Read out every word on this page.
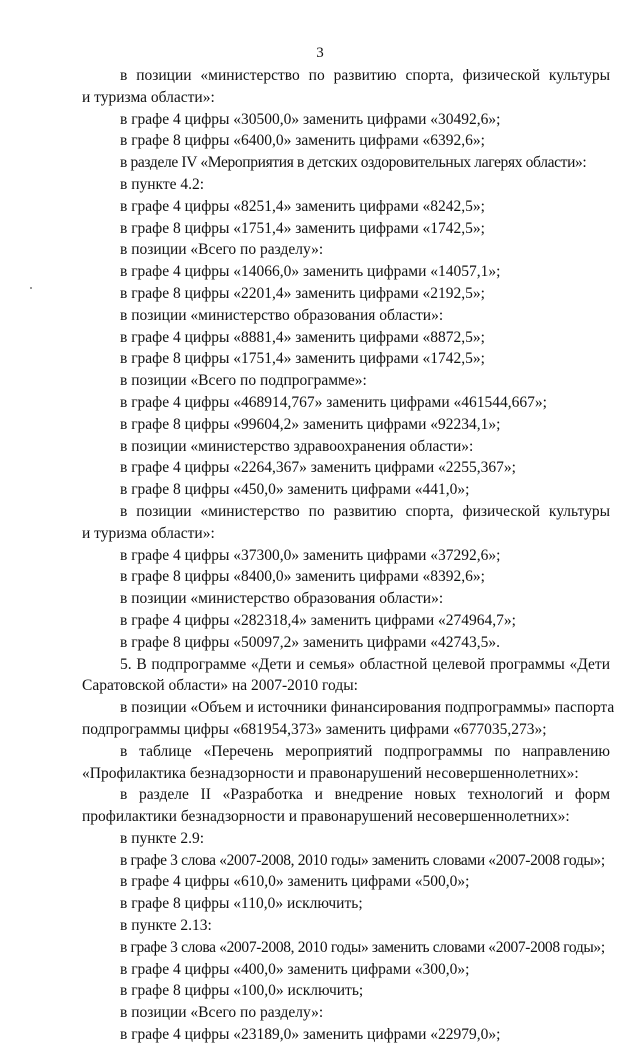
3
в позиции «министерство по развитию спорта, физической культуры
и туризма области»:
в графе 4 цифры «30500,0» заменить цифрами «30492,6»;
в графе 8 цифры «6400,0» заменить цифрами «6392,6»;
в разделе IV «Мероприятия в детских оздоровительных лагерях области»:
в пункте 4.2:
в графе 4 цифры «8251,4» заменить цифрами «8242,5»;
в графе 8 цифры «1751,4» заменить цифрами «1742,5»;
в позиции «Всего по разделу»:
в графе 4 цифры «14066,0» заменить цифрами «14057,1»;
в графе 8 цифры «2201,4» заменить цифрами «2192,5»;
в позиции «министерство образования области»:
в графе 4 цифры «8881,4» заменить цифрами «8872,5»;
в графе 8 цифры «1751,4» заменить цифрами «1742,5»;
в позиции «Всего по подпрограмме»:
в графе 4 цифры «468914,767» заменить цифрами «461544,667»;
в графе 8 цифры «99604,2» заменить цифрами «92234,1»;
в позиции «министерство здравоохранения области»:
в графе 4 цифры «2264,367» заменить цифрами «2255,367»;
в графе 8 цифры «450,0» заменить цифрами «441,0»;
в позиции «министерство по развитию спорта, физической культуры
и туризма области»:
в графе 4 цифры «37300,0» заменить цифрами «37292,6»;
в графе 8 цифры «8400,0» заменить цифрами «8392,6»;
в позиции «министерство образования области»:
в графе 4 цифры «282318,4» заменить цифрами «274964,7»;
в графе 8 цифры «50097,2» заменить цифрами «42743,5».
5. В подпрограмме «Дети и семья» областной целевой программы «Дети
Саратовской области» на 2007-2010 годы:
в позиции «Объем и источники финансирования подпрограммы» паспорта
подпрограммы цифры «681954,373» заменить цифрами «677035,273»;
в таблице «Перечень мероприятий подпрограммы по направлению
«Профилактика безнадзорности и правонарушений несовершеннолетних»:
в разделе II «Разработка и внедрение новых технологий и форм
профилактики безнадзорности и правонарушений несовершеннолетних»:
в пункте 2.9:
в графе 3 слова «2007-2008, 2010 годы» заменить словами «2007-2008 годы»;
в графе 4 цифры «610,0» заменить цифрами «500,0»;
в графе 8 цифры «110,0» исключить;
в пункте 2.13:
в графе 3 слова «2007-2008, 2010 годы» заменить словами «2007-2008 годы»;
в графе 4 цифры «400,0» заменить цифрами «300,0»;
в графе 8 цифры «100,0» исключить;
в позиции «Всего по разделу»:
в графе 4 цифры «23189,0» заменить цифрами «22979,0»;
